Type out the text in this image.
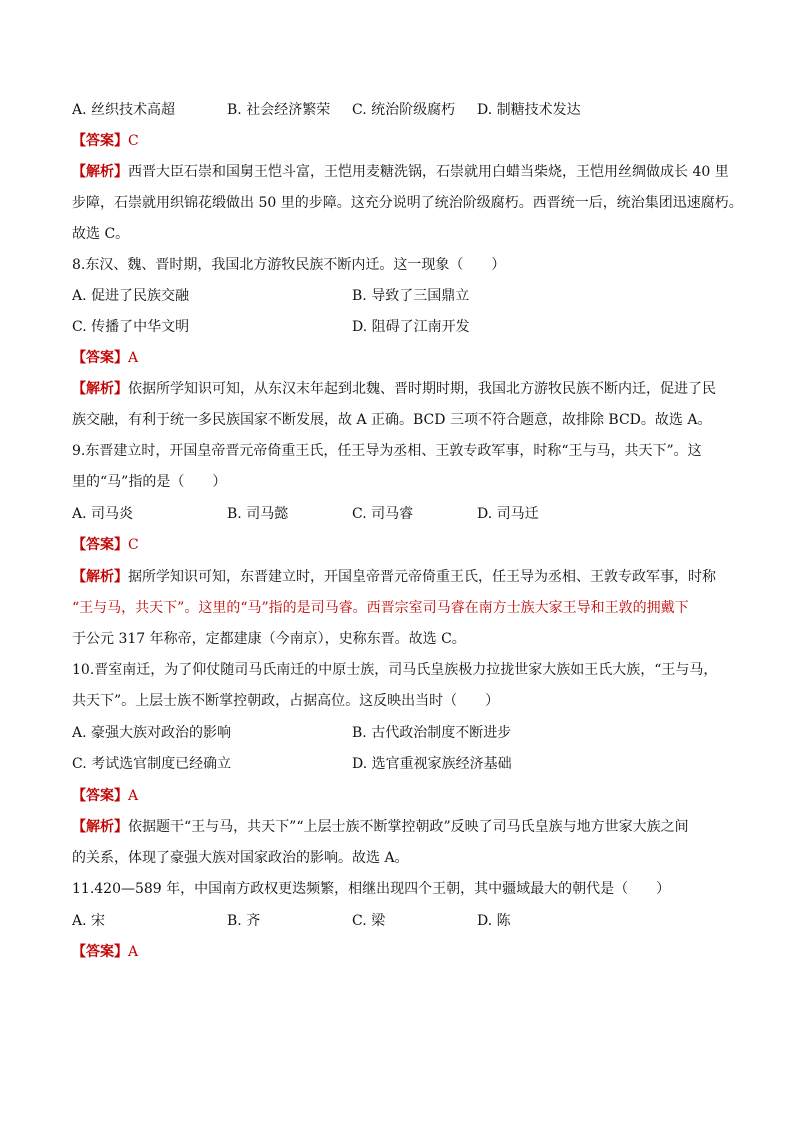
A. 丝织技术高超	B. 社会经济繁荣 C. 统治阶级腐朽 D. 制糖技术发达
【答案】C
【解析】西晋大臣石崇和国舅王恺斗富，王恺用麦糖洗锅，石崇就用白蜡当柴烧，王恺用丝绸做成长 40 里
步障，石崇就用织锦花缎做出 50 里的步障。这充分说明了统治阶级腐朽。西晋统一后，统治集团迅速腐朽。
故选 C。
8.东汉、魏、晋时期，我国北方游牧民族不断内迁。这一现象（　　）
A. 促进了民族交融	B. 导致了三国鼎立
C. 传播了中华文明	D. 阻碍了江南开发
【答案】A
【解析】依据所学知识可知，从东汉末年起到北魏、晋时期时期，我国北方游牧民族不断内迁，促进了民
族交融，有利于统一多民族国家不断发展，故 A 正确。BCD 三项不符合题意，故排除 BCD。故选 A。
9.东晋建立时，开国皇帝晋元帝倚重王氏，任王导为丞相、王敦专政军事，时称“王与马，共天下”。这
里的“马”指的是（　　）
A. 司马炎	B. 司马懿	C. 司马睿	D. 司马迁
【答案】C
【解析】据所学知识可知，东晋建立时，开国皇帝晋元帝倚重王氏，任王导为丞相、王敦专政军事，时称
“王与马，共天下”。这里的“马”指的是司马睿。西晋宗室司马睿在南方士族大家王导和王敦的拥戴下
于公元 317 年称帝，定都建康（今南京），史称东晋。故选 C。
10.晋室南迁，为了仰仗随司马氏南迁的中原士族，司马氏皇族极力拉拢世家大族如王氏大族，“王与马，
共天下”。上层士族不断掌控朝政，占据高位。这反映出当时（　　）
A. 豪强大族对政治的影响	B. 古代政治制度不断进步
C. 考试选官制度已经确立	D. 选官重视家族经济基础
【答案】A
【解析】依据题干“王与马，共天下”“上层士族不断掌控朝政”反映了司马氏皇族与地方世家大族之间
的关系，体现了豪强大族对国家政治的影响。故选 A。
11.420—589 年，中国南方政权更迭频繁，相继出现四个王朝，其中疆域最大的朝代是（　　）
A. 宋	B. 齐	C. 梁	D. 陈
【答案】A
